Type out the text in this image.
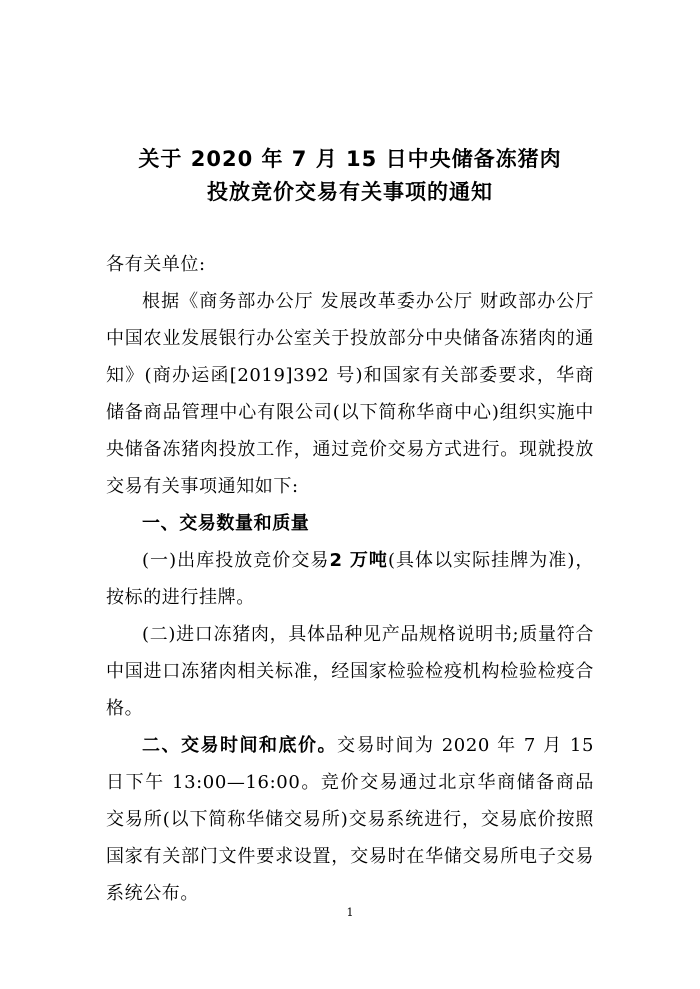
关于 2020 年 7 月 15 日中央储备冻猪肉
投放竞价交易有关事项的通知

各有关单位:

根据《商务部办公厅 发展改革委办公厅 财政部办公厅 中国农业发展银行办公室关于投放部分中央储备冻猪肉的通知》(商办运函[2019]392 号)和国家有关部委要求，华商储备商品管理中心有限公司(以下简称华商中心)组织实施中央储备冻猪肉投放工作，通过竞价交易方式进行。现就投放交易有关事项通知如下:

一、交易数量和质量

(一)出库投放竞价交易2 万吨(具体以实际挂牌为准)，按标的进行挂牌。

(二)进口冻猪肉，具体品种见产品规格说明书;质量符合中国进口冻猪肉相关标准，经国家检验检疫机构检验检疫合格。

二、交易时间和底价。交易时间为 2020 年 7 月 15 日下午 13:00—16:00。竞价交易通过北京华商储备商品交易所(以下简称华储交易所)交易系统进行，交易底价按照国家有关部门文件要求设置，交易时在华储交易所电子交易系统公布。

1
